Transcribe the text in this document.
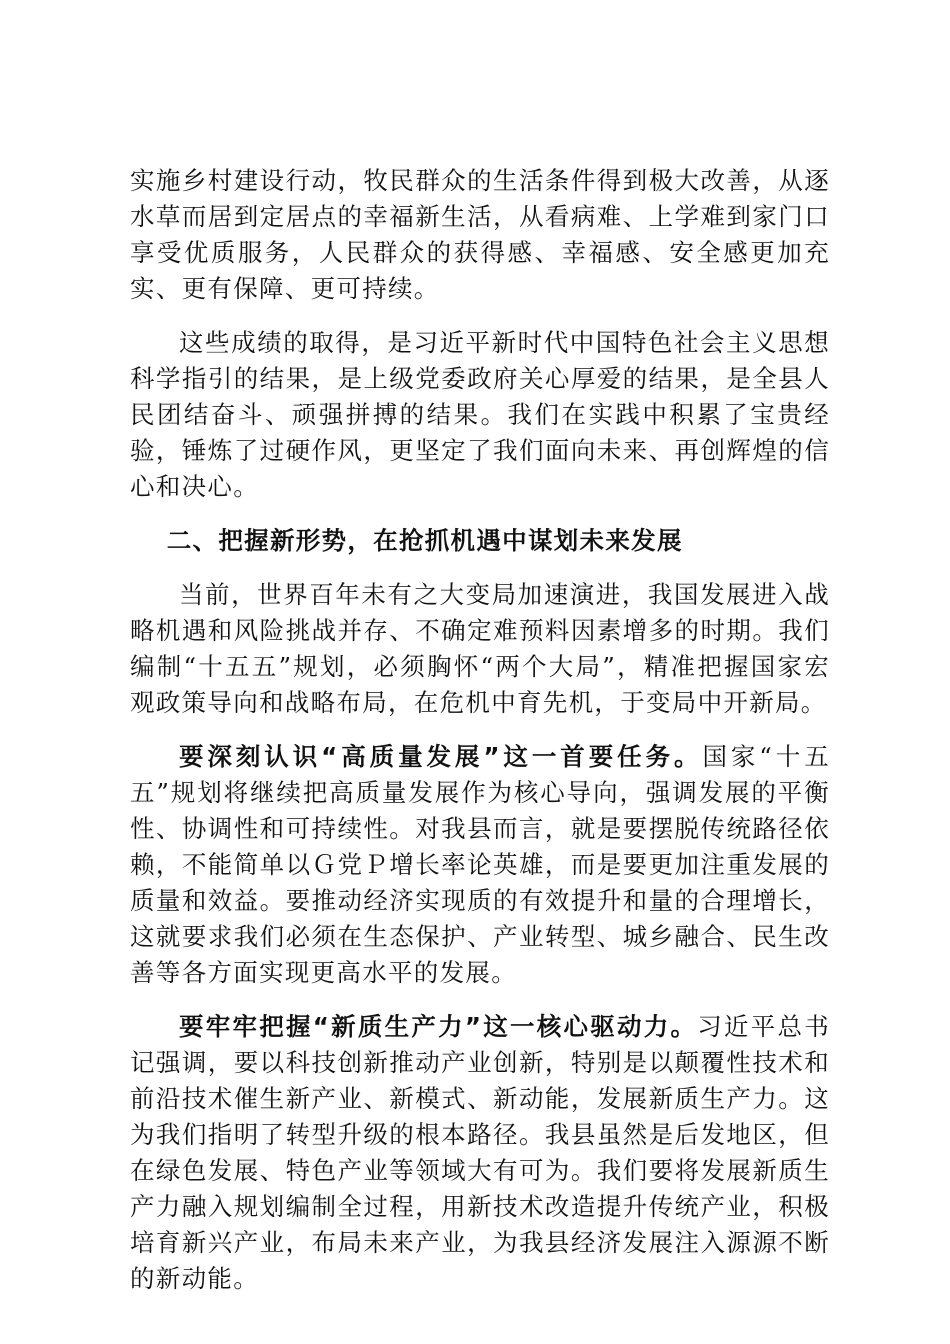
实施乡村建设行动，牧民群众的生活条件得到极大改善，从逐水草而居到定居点的幸福新生活，从看病难、上学难到家门口享受优质服务，人民群众的获得感、幸福感、安全感更加充实、更有保障、更可持续。

这些成绩的取得，是习近平新时代中国特色社会主义思想科学指引的结果，是上级党委政府关心厚爱的结果，是全县人民团结奋斗、顽强拼搏的结果。我们在实践中积累了宝贵经验，锤炼了过硬作风，更坚定了我们面向未来、再创辉煌的信心和决心。

二、把握新形势，在抢抓机遇中谋划未来发展

当前，世界百年未有之大变局加速演进，我国发展进入战略机遇和风险挑战并存、不确定难预料因素增多的时期。我们编制“十五五”规划，必须胸怀“两个大局”，精准把握国家宏观政策导向和战略布局，在危机中育先机，于变局中开新局。

要深刻认识“高质量发展”这一首要任务。国家“十五五”规划将继续把高质量发展作为核心导向，强调发展的平衡性、协调性和可持续性。对我县而言，就是要摆脱传统路径依赖，不能简单以Ｇ党Ｐ增长率论英雄，而是要更加注重发展的质量和效益。要推动经济实现质的有效提升和量的合理增长，这就要求我们必须在生态保护、产业转型、城乡融合、民生改善等各方面实现更高水平的发展。

要牢牢把握“新质生产力”这一核心驱动力。习近平总书记强调，要以科技创新推动产业创新，特别是以颠覆性技术和前沿技术催生新产业、新模式、新动能，发展新质生产力。这为我们指明了转型升级的根本路径。我县虽然是后发地区，但在绿色发展、特色产业等领域大有可为。我们要将发展新质生产力融入规划编制全过程，用新技术改造提升传统产业，积极培育新兴产业，布局未来产业，为我县经济发展注入源源不断的新动能。
